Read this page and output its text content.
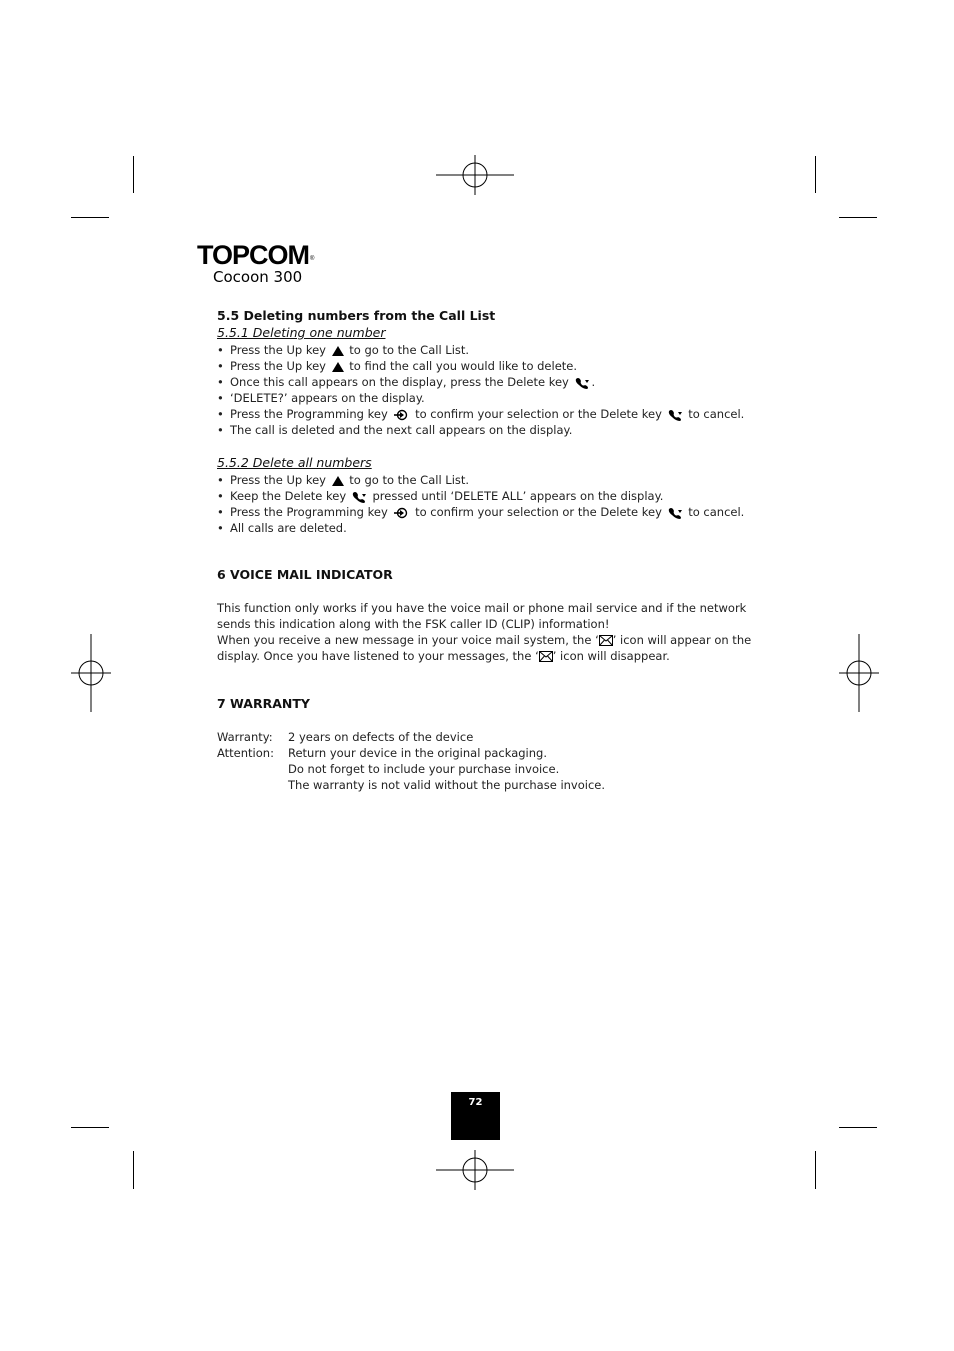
TOPCOM®
Cocoon 300
5.5 Deleting numbers from the Call List
5.5.1 Deleting one number
• Press the Up key to go to the Call List.
• Press the Up key to find the call you would like to delete.
• Once this call appears on the display, press the Delete key .
• ‘DELETE?’ appears on the display.
• Press the Programming key to confirm your selection or the Delete key to cancel.
• The call is deleted and the next call appears on the display.
5.5.2 Delete all numbers
• Press the Up key to go to the Call List.
• Keep the Delete key pressed until ‘DELETE ALL’ appears on the display.
• Press the Programming key to confirm your selection or the Delete key to cancel.
• All calls are deleted.
6 VOICE MAIL INDICATOR
This function only works if you have the voice mail or phone mail service and if the network
sends this indication along with the FSK caller ID (CLIP) information!
When you receive a new message in your voice mail system, the ‘ ’ icon will appear on the
display. Once you have listened to your messages, the ‘ ’ icon will disappear.
7 WARRANTY
Warranty: 2 years on defects of the device
Attention: Return your device in the original packaging.
Do not forget to include your purchase invoice.
The warranty is not valid without the purchase invoice.
72
